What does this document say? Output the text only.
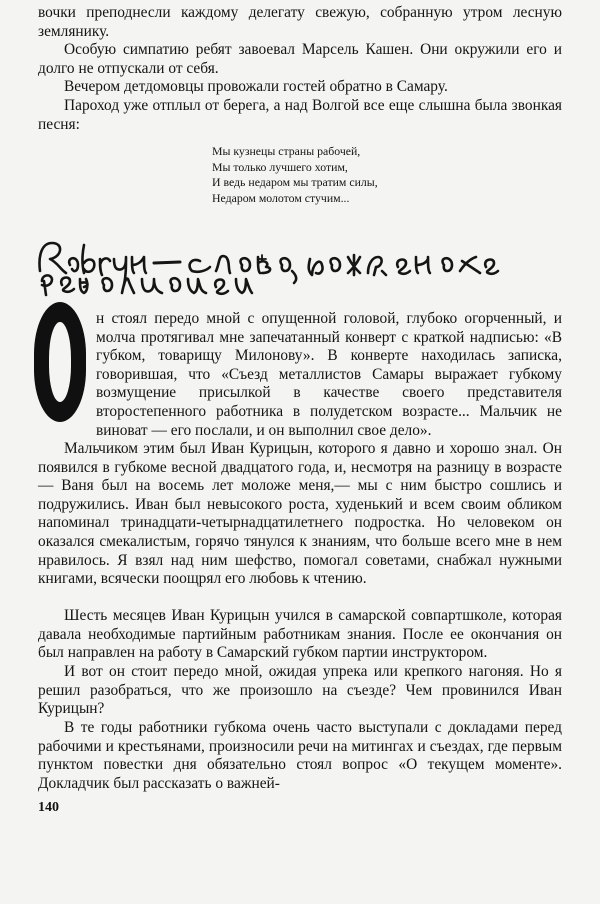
вочки преподнесли каждому делегату свежую, собранную утром лесную землянику.

Особую симпатию ребят завоевал Марсель Кашен. Они окружили его и долго не отпускали от себя.

Вечером детдомовцы провожали гостей обратно в Самару.

Пароход уже отплыл от берега, а над Волгой все еще слышна была звонкая песня:

Мы кузнецы страны рабочей,
Мы только лучшего хотим,
И ведь недаром мы тратим силы,
Недаром молотом стучим...

н стоял передо мной с опущенной головой, глубоко огорченный, и молча протягивал мне запечатанный конверт с краткой надписью: «В губком, товарищу Милонову». В конверте находилась записка, говорившая, что «Съезд металлистов Самары выражает губкому возмущение присылкой в качестве своего представителя второстепенного работника в полудетском возрасте... Мальчик не виноват — его послали, и он выполнил свое дело».

Мальчиком этим был Иван Курицын, которого я давно и хорошо знал. Он появился в губкоме весной двадцатого года, и, несмотря на разницу в возрасте — Ваня был на восемь лет моложе меня,— мы с ним быстро сошлись и подружились. Иван был невысокого роста, худенький и всем своим обликом напоминал тринадцати-четырнадцатилетнего подростка. Но человеком он оказался смекалистым, горячо тянулся к знаниям, что больше всего мне в нем нравилось. Я взял над ним шефство, помогал советами, снабжал нужными книгами, всячески поощрял его любовь к чтению.

Шесть месяцев Иван Курицын учился в самарской совпартшколе, которая давала необходимые партийным работникам знания. После ее окончания он был направлен на работу в Самарский губком партии инструктором.

И вот он стоит передо мной, ожидая упрека или крепкого нагоняя. Но я решил разобраться, что же произошло на съезде? Чем провинился Иван Курицын?

В те годы работники губкома очень часто выступали с докладами перед рабочими и крестьянами, произносили речи на митингах и съездах, где первым пунктом повестки дня обязательно стоял вопрос «О текущем моменте». Докладчик был рассказать о важней-

140
